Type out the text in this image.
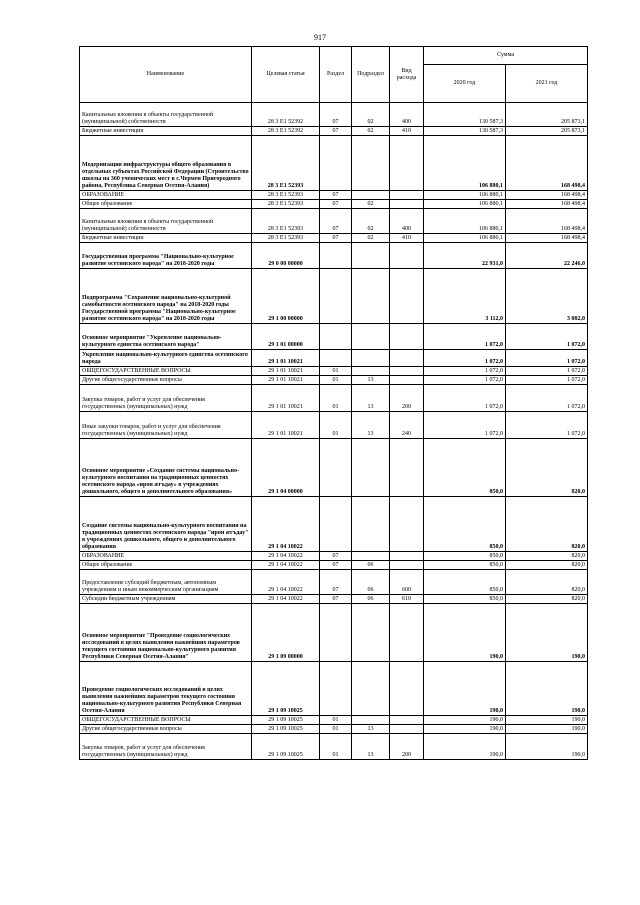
917
Наименование	Целевая статья	Раздел	Подраздел	Вид расхода	Сумма	
					2020 год	2021 год
Капитальные вложения в объекты государственной (муниципальной) собственности	28 3 E1 52392	07	02	400	130 587,3	205 873,1
Бюджетные инвестиции	28 3 E1 52392	07	02	410	130 587,3	205 873,1
Модернизация инфраструктуры общего образования в отдельных субъектах Российской Федерации (Строительство школы на 360 ученических мест в с.Чермен Пригородного района, Республика Северная Осетия-Алания)	28 3 E1 52393				106 880,1	168 498,4
ОБРАЗОВАНИЕ	28 3 E1 52393	07			106 880,1	168 498,4
Общее образование	28 3 E1 52393	07	02		106 880,1	168 498,4
Капитальные вложения в объекты государственной (муниципальной) собственности	28 3 E1 52393	07	02	400	106 880,1	168 498,4
Бюджетные инвестиции	28 3 E1 52393	07	02	410	106 880,1	168 498,4
Государственная программа "Национально-культурное развитие осетинского народа" на 2018-2020 годы	29 0 00 00000				22 931,0	22 246,0
Подпрограмма "Сохранение национально-культурной самобытности осетинского народа" на 2018-2020 годы Государственной программы "Национально-культурное развитие осетинского народа" на 2018-2020 годы	29 1 00 00000				3 112,0	3 082,0
Основное мероприятие "Укрепление национально-культурного единства осетинского народа"	29 1 01 00000				1 072,0	1 072,0
Укрепление национально-культурного единства осетинского народа	29 1 01 10021				1 072,0	1 072,0
ОБЩЕГОСУДАРСТВЕННЫЕ ВОПРОСЫ	29 1 01 10021	01			1 072,0	1 072,0
Другие общегосударственные вопросы	29 1 01 10021	01	13		1 072,0	1 072,0
Закупка товаров, работ и услуг для обеспечения государственных (муниципальных) нужд	29 1 01 10021	01	13	200	1 072,0	1 072,0
Иные закупки товаров, работ и услуг для обеспечения государственных (муниципальных) нужд	29 1 01 10021	01	13	240	1 072,0	1 072,0
Основное мероприятие «Создание системы национально-культурного воспитания на традиционных ценностях осетинского народа «ирон æгъдау» в учреждениях дошкольного, общего и дополнительного образования»	29 1 04 00000				850,0	820,0
Создание системы национально-культурного воспитания на традиционных ценностях осетинского народа "ирон æгъдау" в учреждениях дошкольного, общего и дополнительного образования	29 1 04 10022				850,0	820,0
ОБРАЗОВАНИЕ	29 1 04 10022	07			850,0	820,0
Общее образование	29 1 04 10022	07	06		850,0	820,0
Предоставление субсидий бюджетным, автономным учреждениям и иным некоммерческим организациям	29 1 04 10022	07	06	600	850,0	820,0
Субсидии бюджетным учреждениям	29 1 04 10022	07	06	610	850,0	820,0
Основное мероприятие "Проведение социологических исследований в целях выявления важнейших параметров текущего состояния национально-культурного развития Республики Северная Осетия-Алания"	29 1 09 00000				190,0	190,0
Проведение социологических исследований в целях выявления важнейших параметров текущего состояния национально-культурного развития Республики Северная Осетия-Алания	29 1 09 10025				190,0	190,0
ОБЩЕГОСУДАРСТВЕННЫЕ ВОПРОСЫ	29 1 09 10025	01			190,0	190,0
Другие общегосударственные вопросы	29 1 09 10025	01	13		190,0	190,0
Закупка товаров, работ и услуг для обеспечения государственных (муниципальных) нужд	29 1 09 10025	01	13	200	190,0	190,0
